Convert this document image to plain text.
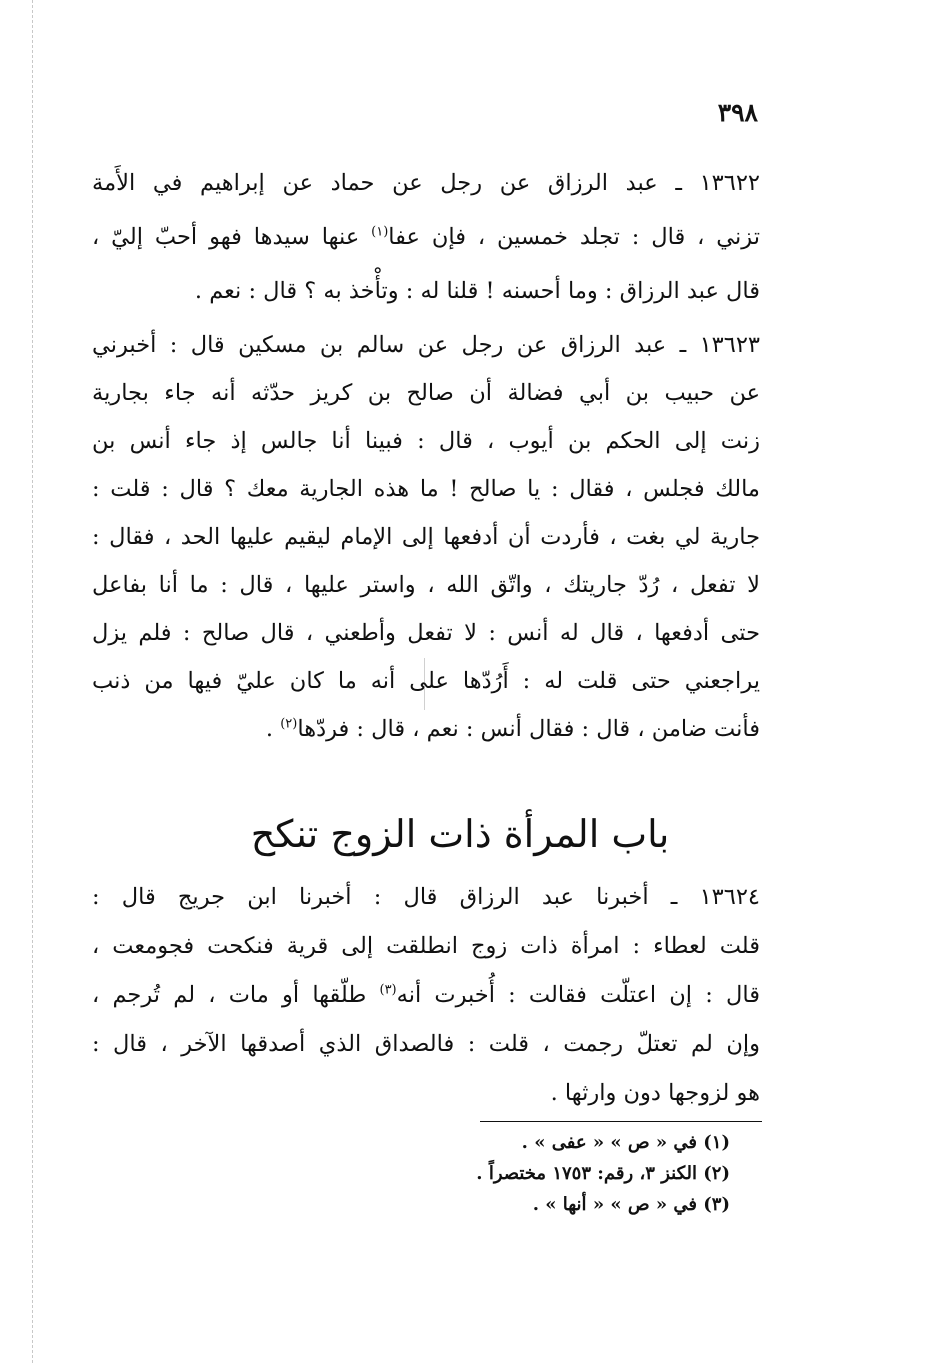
٣٩٨
١٣٦٢٢ ـ عبد الرزاق عن رجل عن حماد عن إبراهيم في الأَمة
تزني ، قال : تجلد خمسين ، فإن عفا$^{(١)}$ عنها سيدها فهو أحبّ إليّ ،
قال عبد الرزاق : وما أحسنه ! قلنا له : وتأْخذ به ؟ قال : نعم .
١٣٦٢٣ ـ عبد الرزاق عن رجل عن سالم بن مسكين قال : أخبرني
عن حبيب بن أبي فضالة أن صالح بن كريز حدّثه أنه جاء بجارية
زنت إلى الحكم بن أيوب ، قال : فبينا أنا جالس إذ جاء أنس بن
مالك فجلس ، فقال : يا صالح ! ما هذه الجارية معك ؟ قال : قلت :
جارية لي بغت ، فأردت أن أدفعها إلى الإمام ليقيم عليها الحد ، فقال :
لا تفعل ، رُدّ جاريتك ، واتّق الله ، واستر عليها ، قال : ما أنا بفاعل
حتى أدفعها ، قال له أنس : لا تفعل وأطعني ، قال صالح : فلم يزل
يراجعني حتى قلت له : أَرُدّها على أنه ما كان عليّ فيها من ذنب
فأنت ضامن ، قال : فقال أنس : نعم ، قال : فردّها$^{(٢)}$ .
باب المرأة ذات الزوج تنكح
١٣٦٢٤ ـ أخبرنا عبد الرزاق قال : أخبرنا ابن جريج قال :
قلت لعطاء : امرأة ذات زوج انطلقت إلى قرية فنكحت فجومعت ،
قال : إن اعتلّت فقالت : أُخبرت أنه$^{(٣)}$ طلّقها أو مات ، لم تُرجم ،
وإن لم تعتلّ رجمت ، قلت : فالصداق الذي أصدقها الآخر ، قال :
هو لزوجها دون وارثها .
(١) في « ص » « عفى » .
(٢) الكنز ٣، رقم: ١٧٥٣ مختصراً .
(٣) في « ص » « أنها » .
